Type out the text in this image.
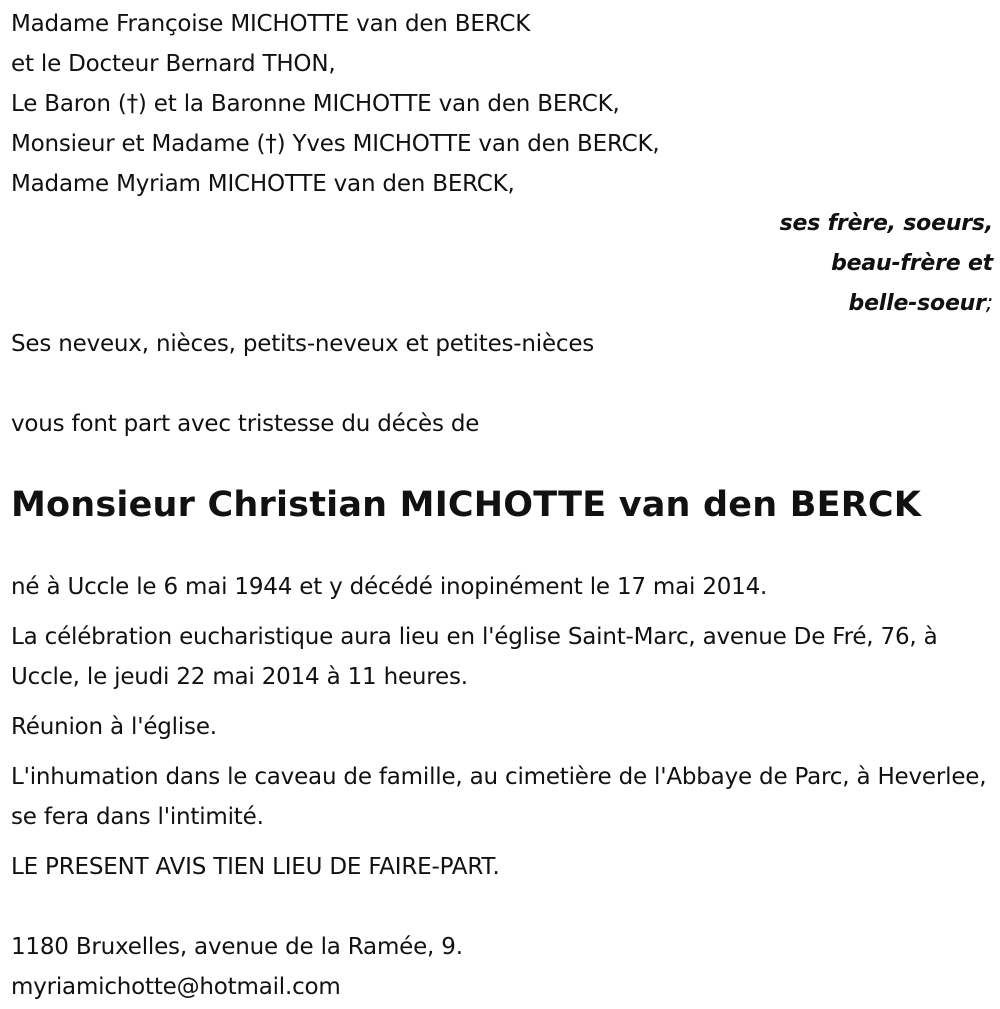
Madame Françoise MICHOTTE van den BERCK
et le Docteur Bernard THON,
Le Baron (†) et la Baronne MICHOTTE van den BERCK,
Monsieur et Madame (†) Yves MICHOTTE van den BERCK,
Madame Myriam MICHOTTE van den BERCK,
ses frère, soeurs,
beau-frère et
belle-soeur;
Ses neveux, nièces, petits-neveux et petites-nièces
vous font part avec tristesse du décès de
Monsieur Christian MICHOTTE van den BERCK
né à Uccle le 6 mai 1944 et y décédé inopinément le 17 mai 2014.
La célébration eucharistique aura lieu en l'église Saint-Marc, avenue De Fré, 76, à Uccle, le jeudi 22 mai 2014 à 11 heures.
Réunion à l'église.
L'inhumation dans le caveau de famille, au cimetière de l'Abbaye de Parc, à Heverlee, se fera dans l'intimité.
LE PRESENT AVIS TIEN LIEU DE FAIRE-PART.
1180 Bruxelles, avenue de la Ramée, 9.
myriamichotte@hotmail.com
